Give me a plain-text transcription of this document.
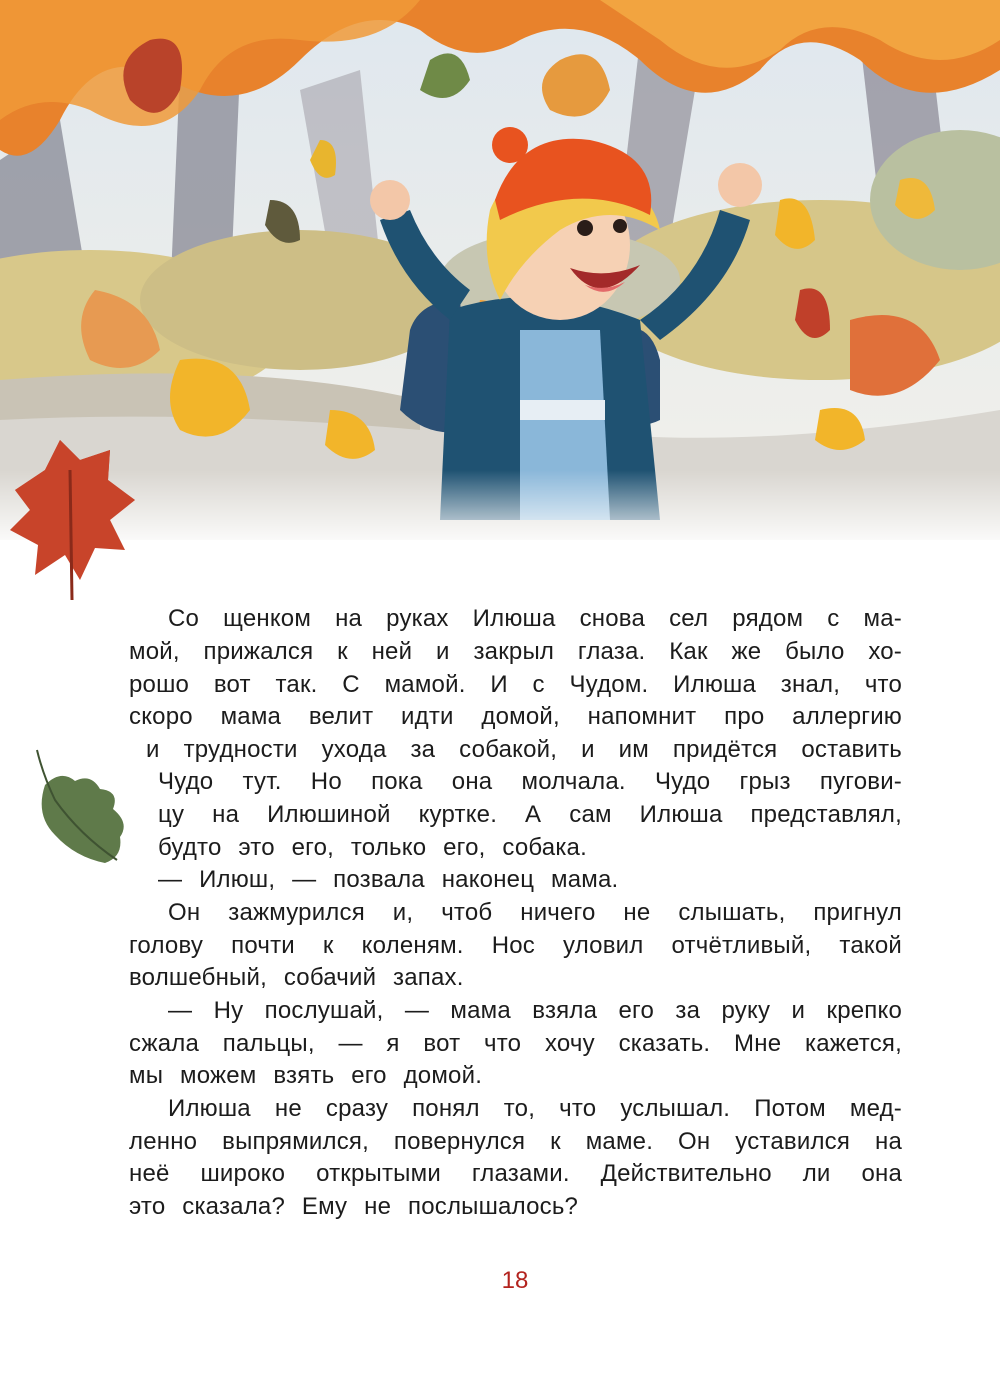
Со щенком на руках Илюша снова сел рядом с ма-
мой, прижался к ней и закрыл глаза. Как же было хо-
рошо вот так. С мамой. И с Чудом. Илюша знал, что
скоро мама велит идти домой, напомнит про аллергию
и трудности ухода за собакой, и им придётся оставить
Чудо тут. Но пока она молчала. Чудо грыз пугови-
цу на Илюшиной куртке. А сам Илюша представлял,
будто это его, только его, собака.
— Илюш, — позвала наконец мама.
Он зажмурился и, чтоб ничего не слышать, пригнул
голову почти к коленям. Нос уловил отчётливый, такой
волшебный, собачий запах.
— Ну послушай, — мама взяла его за руку и крепко
сжала пальцы, — я вот что хочу сказать. Мне кажется,
мы можем взять его домой.
Илюша не сразу понял то, что услышал. Потом мед-
ленно выпрямился, повернулся к маме. Он уставился на
неё широко открытыми глазами. Действительно ли она
это сказала? Ему не послышалось?
18
